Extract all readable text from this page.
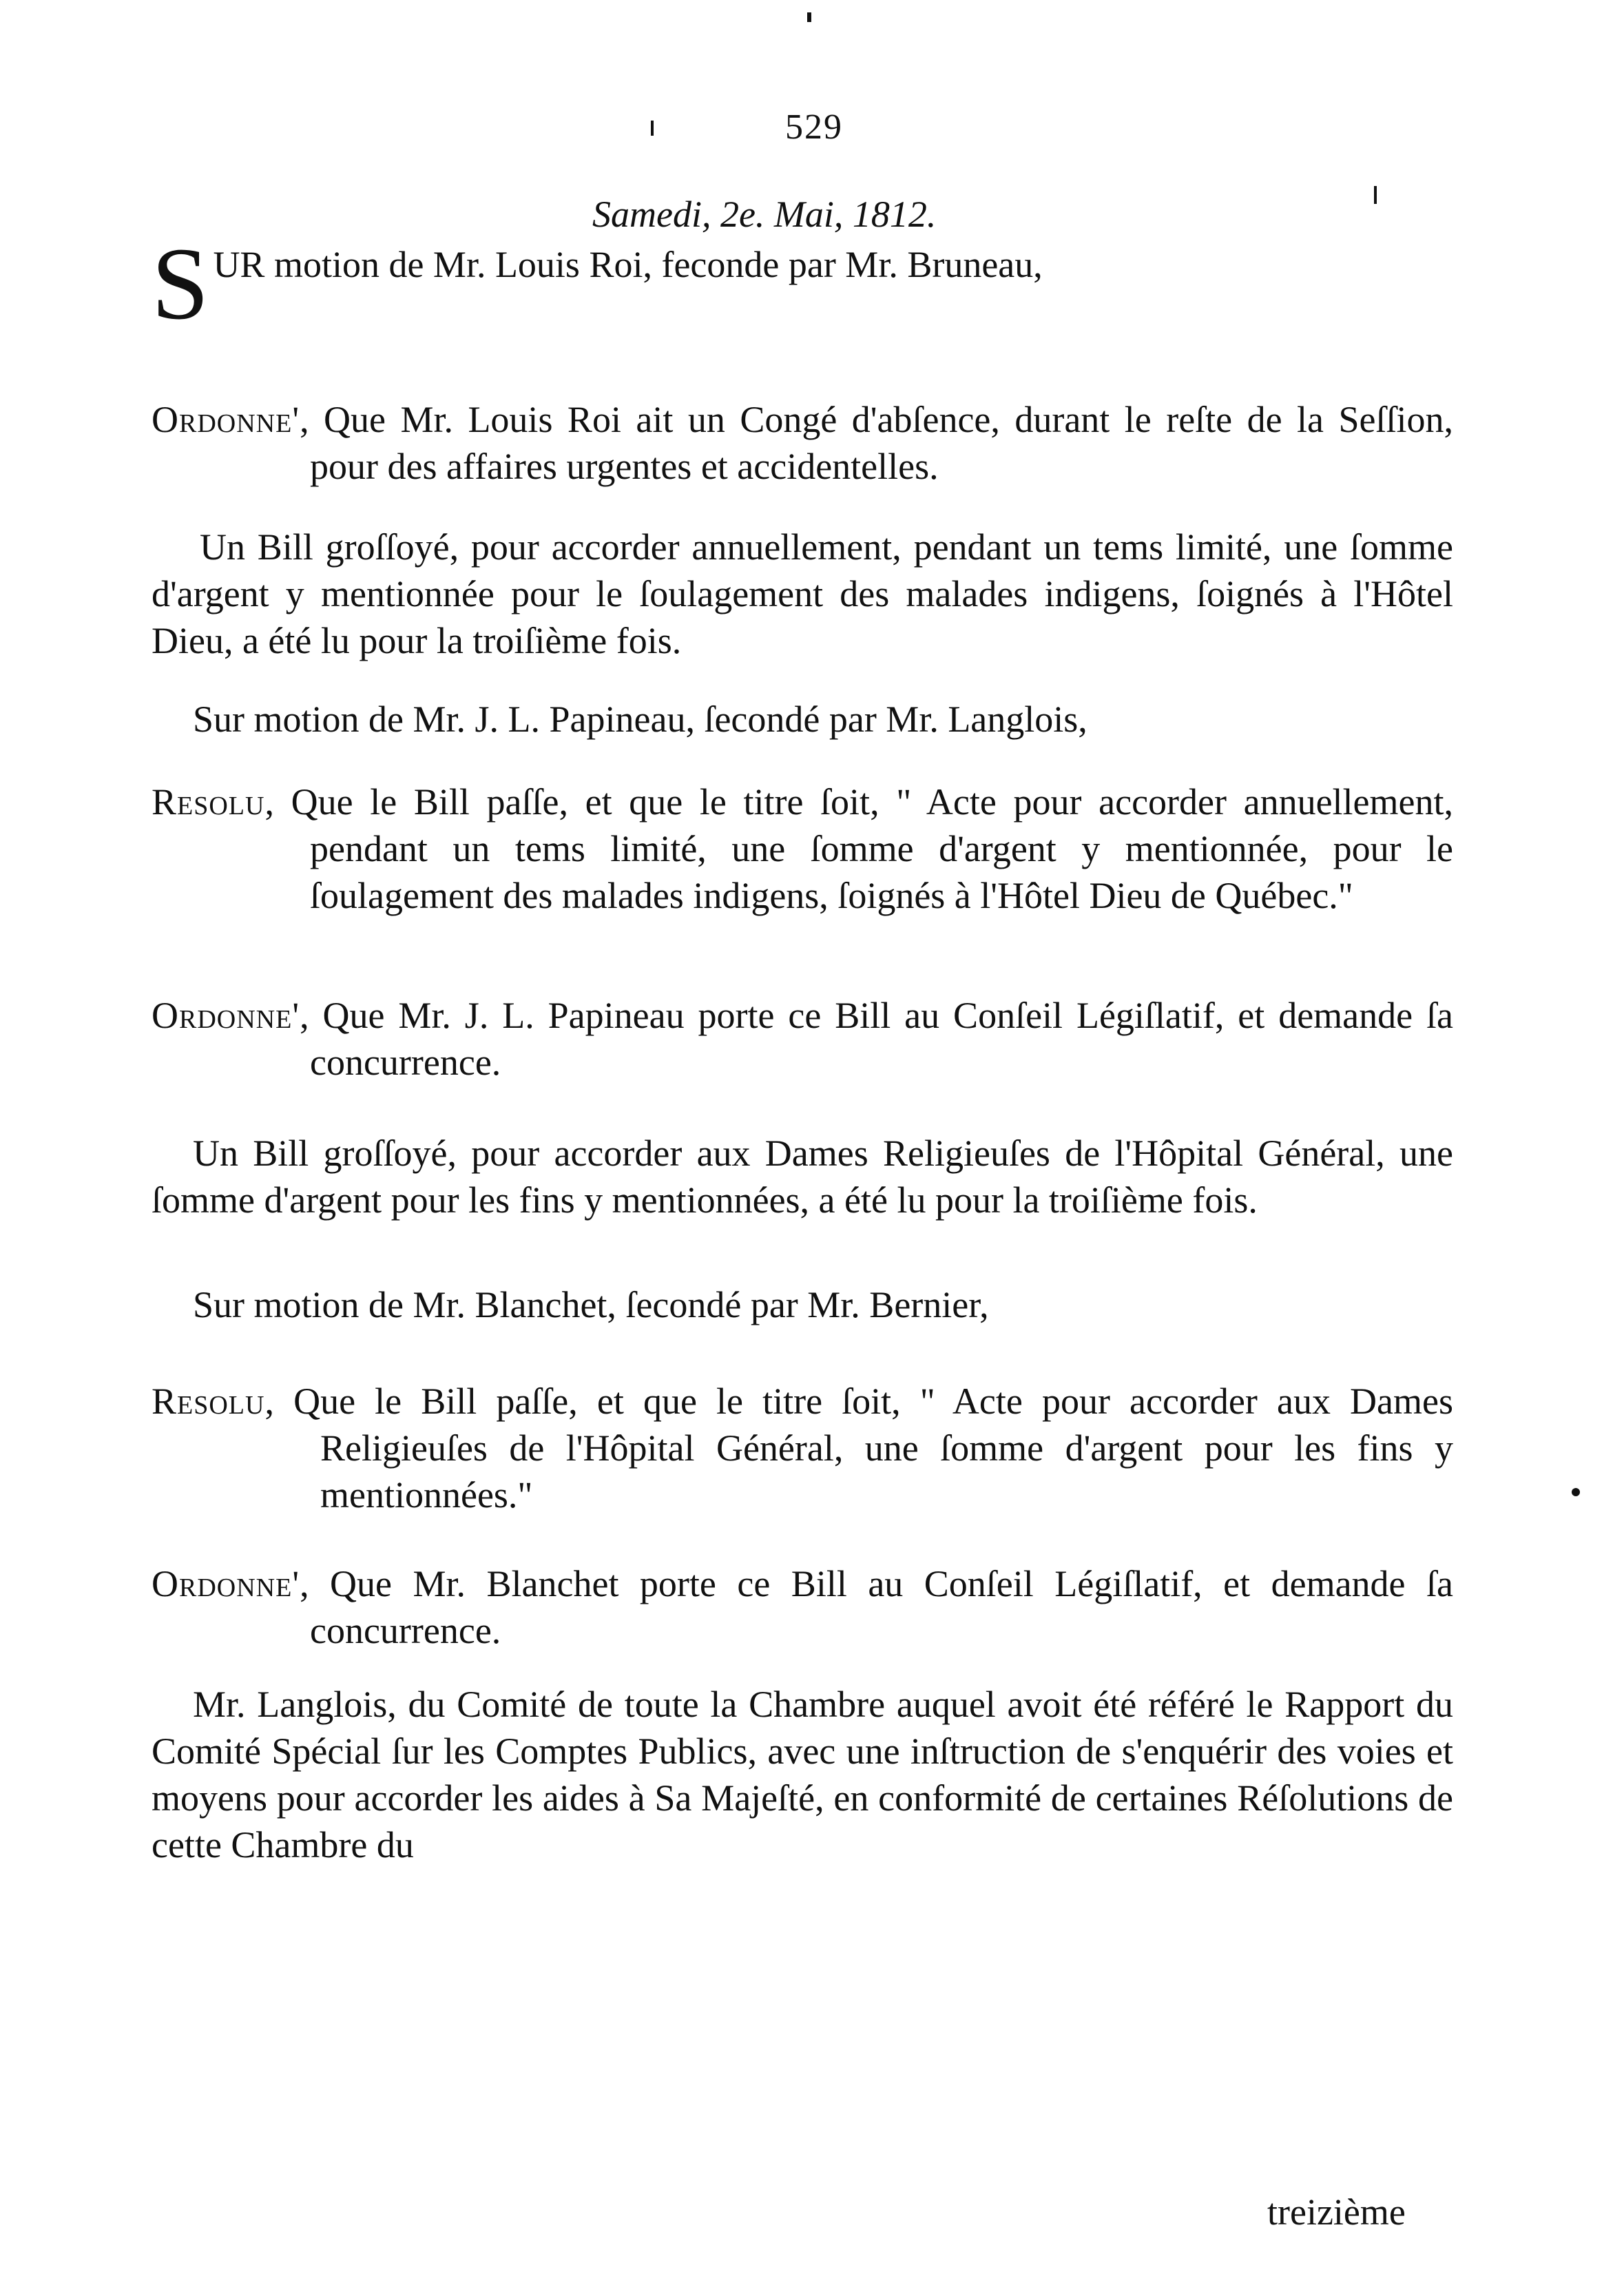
529
Samedi, 2e. Mai, 1812.

S UR motion de Mr. Louis Roi, feconde par Mr. Bruneau,

Ordonne', Que Mr. Louis Roi ait un Congé d'abſence, durant le reſte de la Seſſion, pour des affaires urgentes et accidentelles.

Un Bill groſſoyé, pour accorder annuellement, pendant un tems limité, une ſomme d'argent y mentionnée pour le ſoulagement des malades indigens, ſoignés à l'Hôtel Dieu, a été lu pour la troiſième fois.

Sur motion de Mr. J. L. Papineau, ſecondé par Mr. Langlois,

Resolu, Que le Bill paſſe, et que le titre ſoit, " Acte pour accorder annuellement, pendant un tems limité, une ſomme d'argent y mentionnée, pour le ſoulagement des malades indigens, ſoignés à l'Hôtel Dieu de Québec."

Ordonne', Que Mr. J. L. Papineau porte ce Bill au Conſeil Légiſlatif, et demande ſa concurrence.

Un Bill groſſoyé, pour accorder aux Dames Religieuſes de l'Hôpital Général, une ſomme d'argent pour les fins y mentionnées, a été lu pour la troiſième fois.

Sur motion de Mr. Blanchet, ſecondé par Mr. Bernier,

Resolu, Que le Bill paſſe, et que le titre ſoit, " Acte pour accorder aux Dames Religieuſes de l'Hôpital Général, une ſomme d'argent pour les fins y mentionnées."

Ordonne', Que Mr. Blanchet porte ce Bill au Conſeil Légiſlatif, et demande ſa concurrence.

Mr. Langlois, du Comité de toute la Chambre auquel avoit été référé le Rapport du Comité Spécial ſur les Comptes Publics, avec une inſtruction de s'enquérir des voies et moyens pour accorder les aides à Sa Majeſté, en conformité de certaines Réſolutions de cette Chambre du

treizième
